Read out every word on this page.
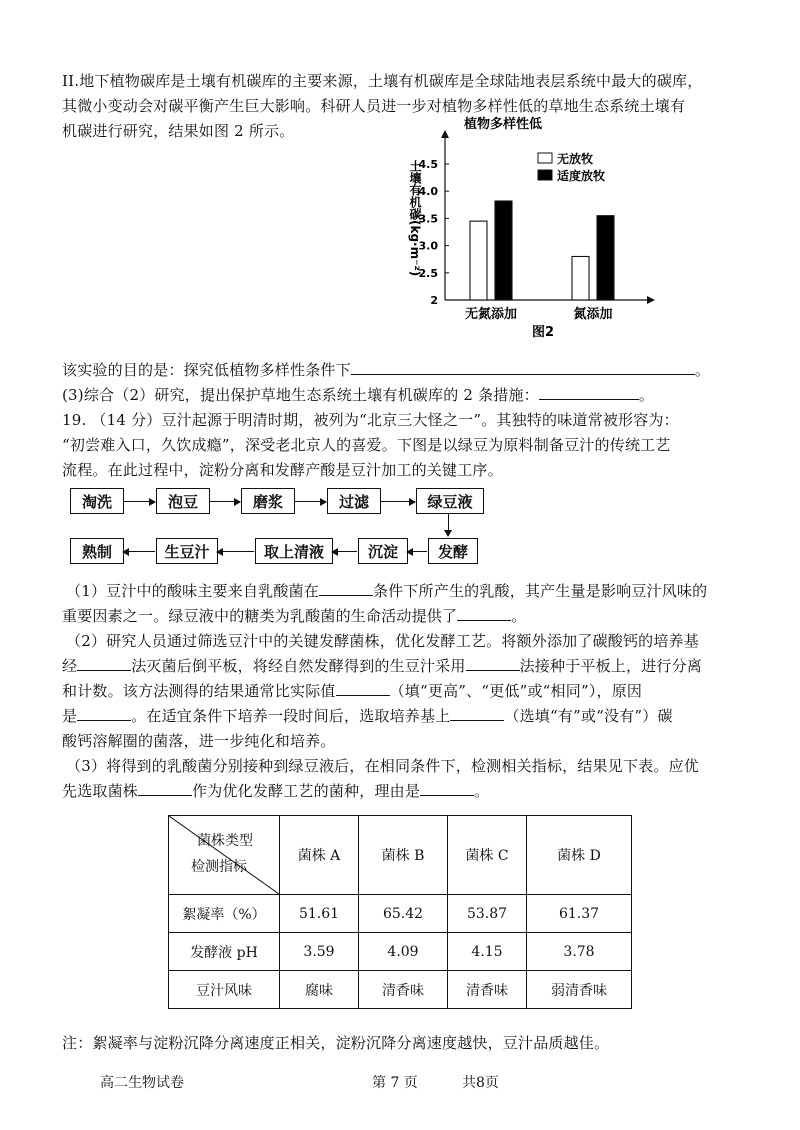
II.地下植物碳库是土壤有机碳库的主要来源，土壤有机碳库是全球陆地表层系统中最大的碳库，
其微小变动会对碳平衡产生巨大影响。科研人员进一步对植物多样性低的草地生态系统土壤有
机碳进行研究，结果如图 2 所示。	植物多样性低
2
2.5
3.0
3.5
4.0
4.5
土壤有机碳(kg·m⁻²)
无氮添加	氮添加
无放牧
适度放牧
图2
该实验的目的是：探究低植物多样性条件下	。
(3)综合（2）研究，提出保护草地生态系统土壤有机碳库的 2 条措施：	。
19. （14 分）豆汁起源于明清时期，被列为“北京三大怪之一”。其独特的味道常被形容为：
“初尝难入口，久饮成瘾”，深受老北京人的喜爱。下图是以绿豆为原料制备豆汁的传统工艺
流程。在此过程中，淀粉分离和发酵产酸是豆汁加工的关键工序。
淘洗	泡豆	磨浆	过滤	绿豆液
熟制	生豆汁	取上清液	沉淀	发酵
（1）豆汁中的酸味主要来自乳酸菌在	条件下所产生的乳酸，其产生量是影响豆汁风味的
重要因素之一。绿豆液中的糖类为乳酸菌的生命活动提供了	。
（2）研究人员通过筛选豆汁中的关键发酵菌株，优化发酵工艺。将额外添加了碳酸钙的培养基
经	法灭菌后倒平板，将经自然发酵得到的生豆汁采用	法接种于平板上，进行分离
和计数。该方法测得的结果通常比实际值	（填“更高”、“更低”或“相同”），原因
是	。在适宜条件下培养一段时间后，选取培养基上	（选填“有”或“没有”）碳
酸钙溶解圈的菌落，进一步纯化和培养。
（3）将得到的乳酸菌分别接种到绿豆液后，在相同条件下，检测相关指标，结果见下表。应优
先选取菌株	作为优化发酵工艺的菌种，理由是	。
菌株类型
检测指标	菌株 A	菌株 B	菌株 C	菌株 D
絮凝率（%）	51.61	65.42	53.87	61.37
发酵液 pH	3.59	4.09	4.15	3.78
豆汁风味	腐味	清香味	清香味	弱清香味
注：絮凝率与淀粉沉降分离速度正相关，淀粉沉降分离速度越快，豆汁品质越佳。
高二生物试卷	第 7 页	共8页
